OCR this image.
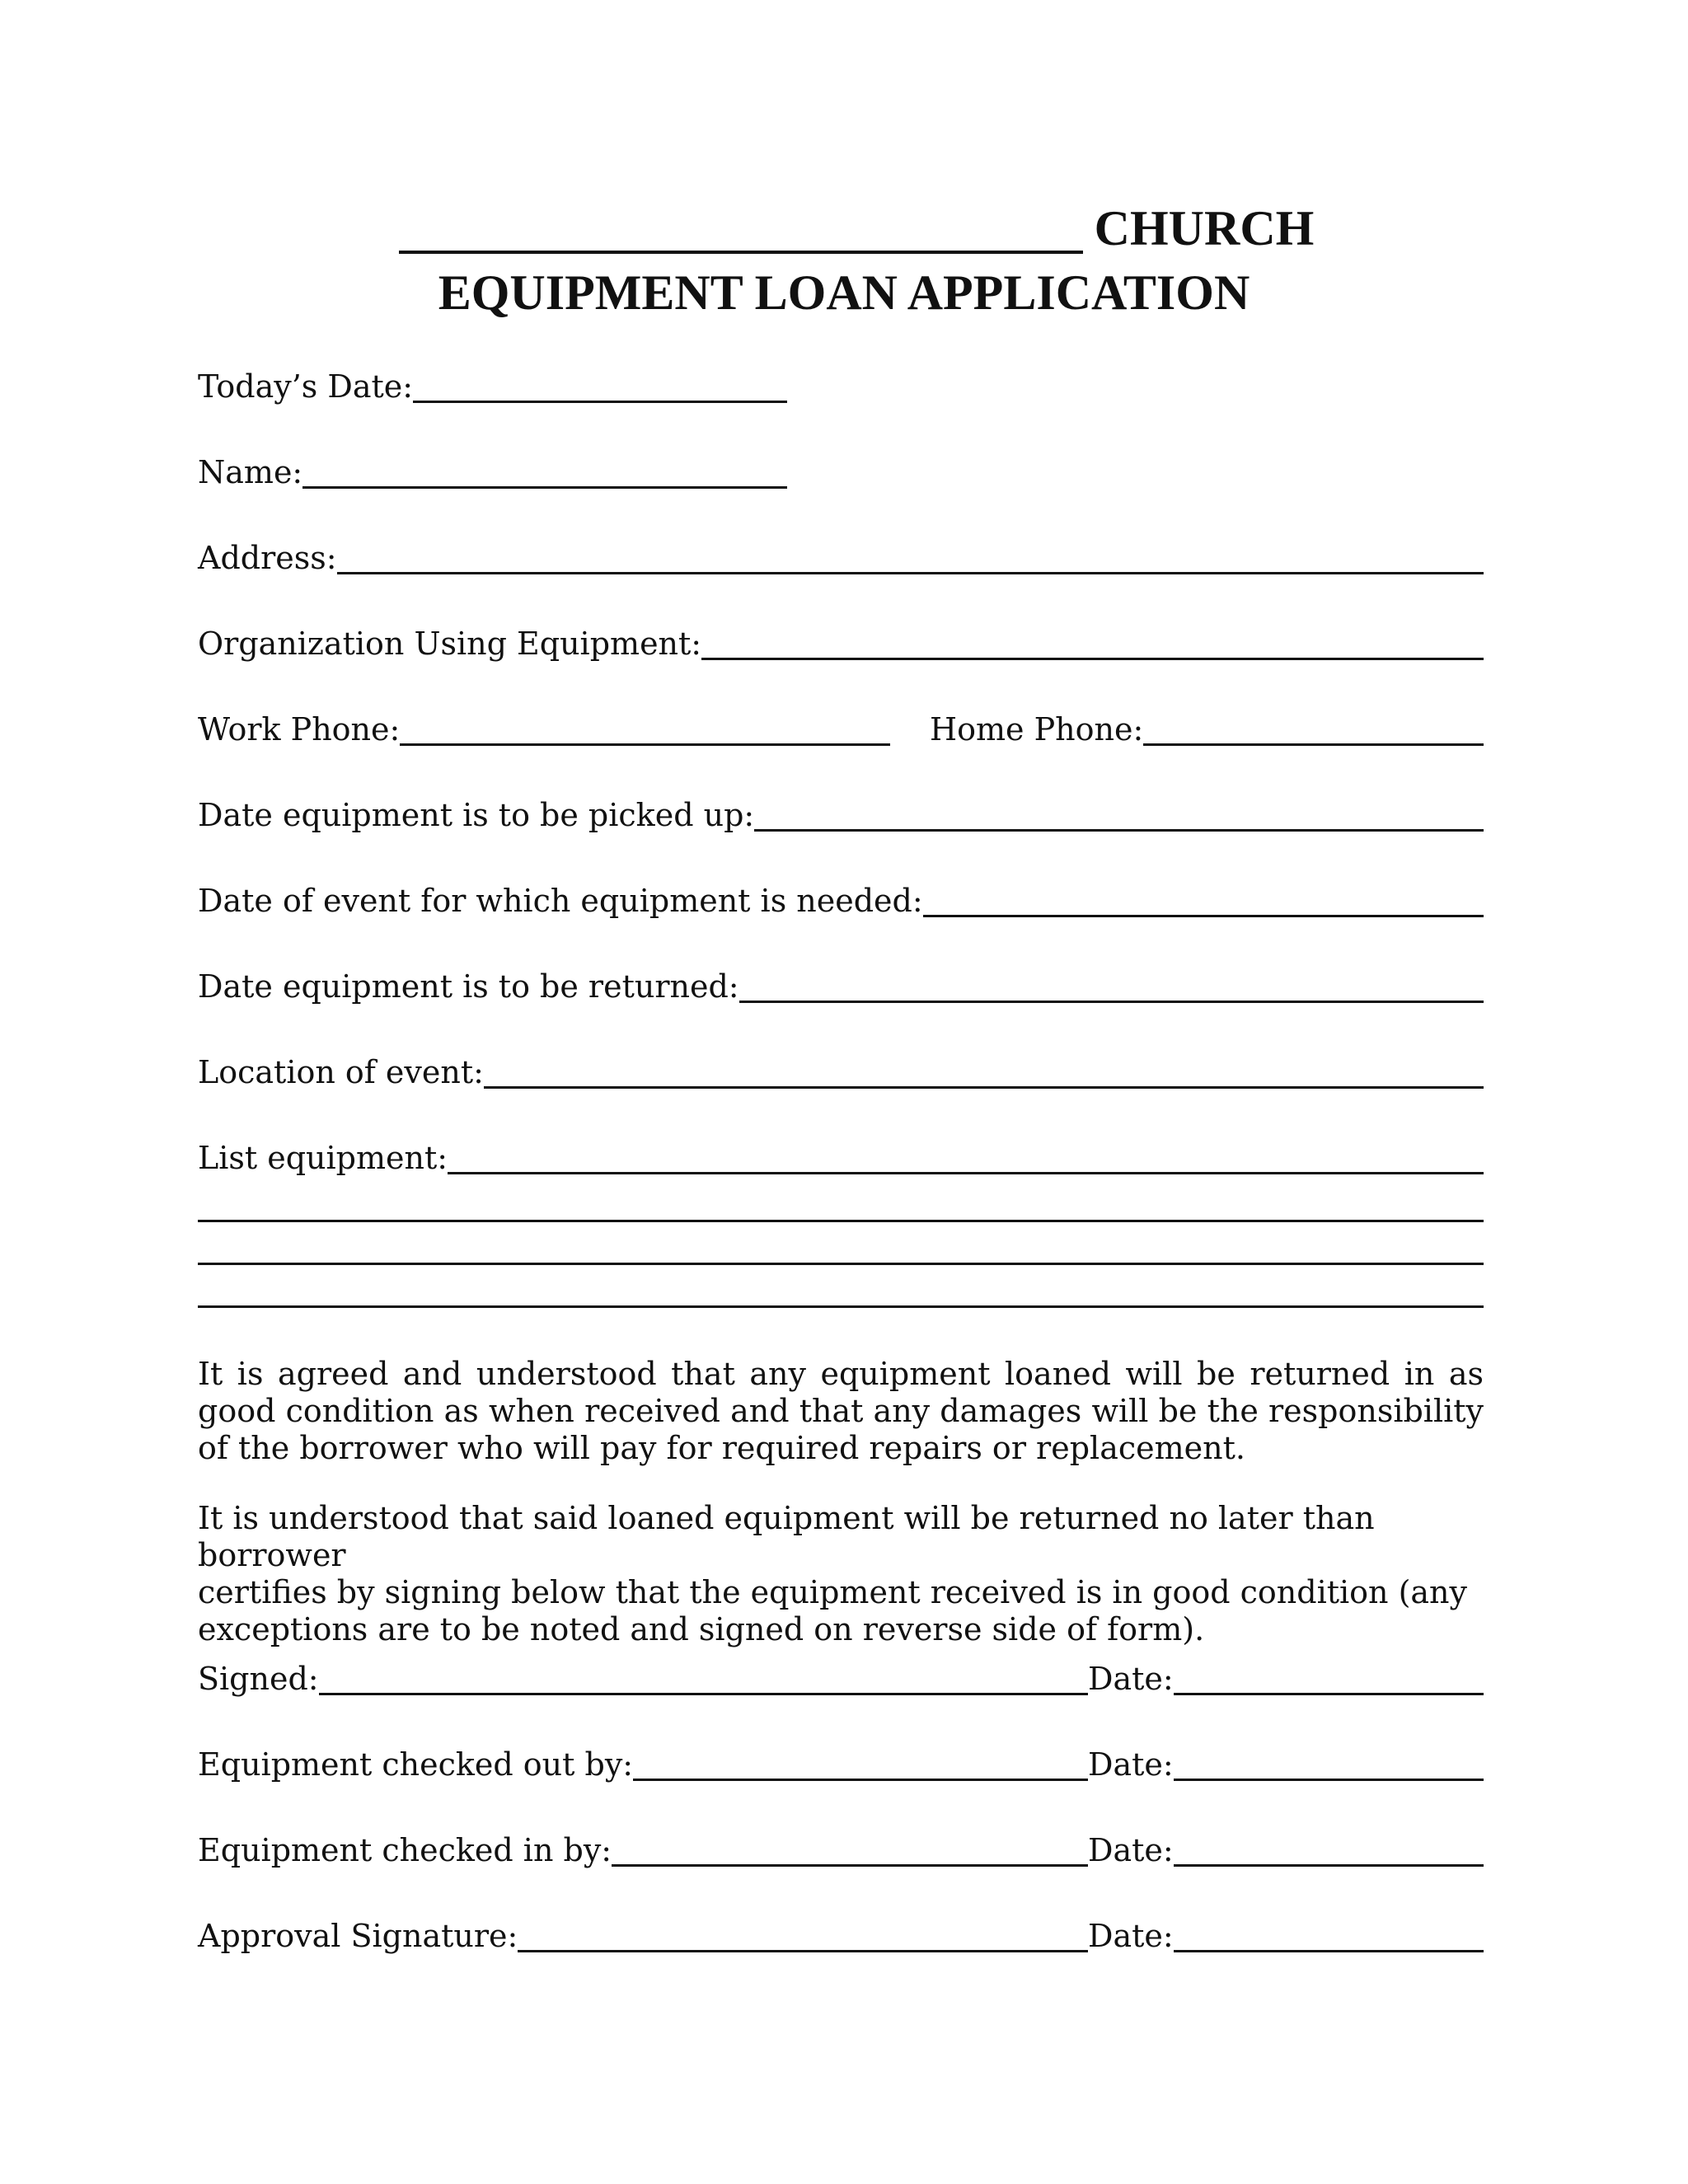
CHURCH
EQUIPMENT LOAN APPLICATION
Today’s Date:
Name:
Address:
Organization Using Equipment:
Work Phone:	Home Phone:
Date equipment is to be picked up:
Date of event for which equipment is needed:
Date equipment is to be returned:
Location of event:
List equipment:
It is agreed and understood that any equipment loaned will be returned in as good condition as when received and that any damages will be the responsibility of the borrower who will pay for required repairs or replacement.
It is understood that said loaned equipment will be returned no later than borrower
certifies by signing below that the equipment received is in good condition (any
exceptions are to be noted and signed on reverse side of form).
Signed:	Date:
Equipment checked out by:	Date:
Equipment checked in by:	Date:
Approval Signature:	Date:
